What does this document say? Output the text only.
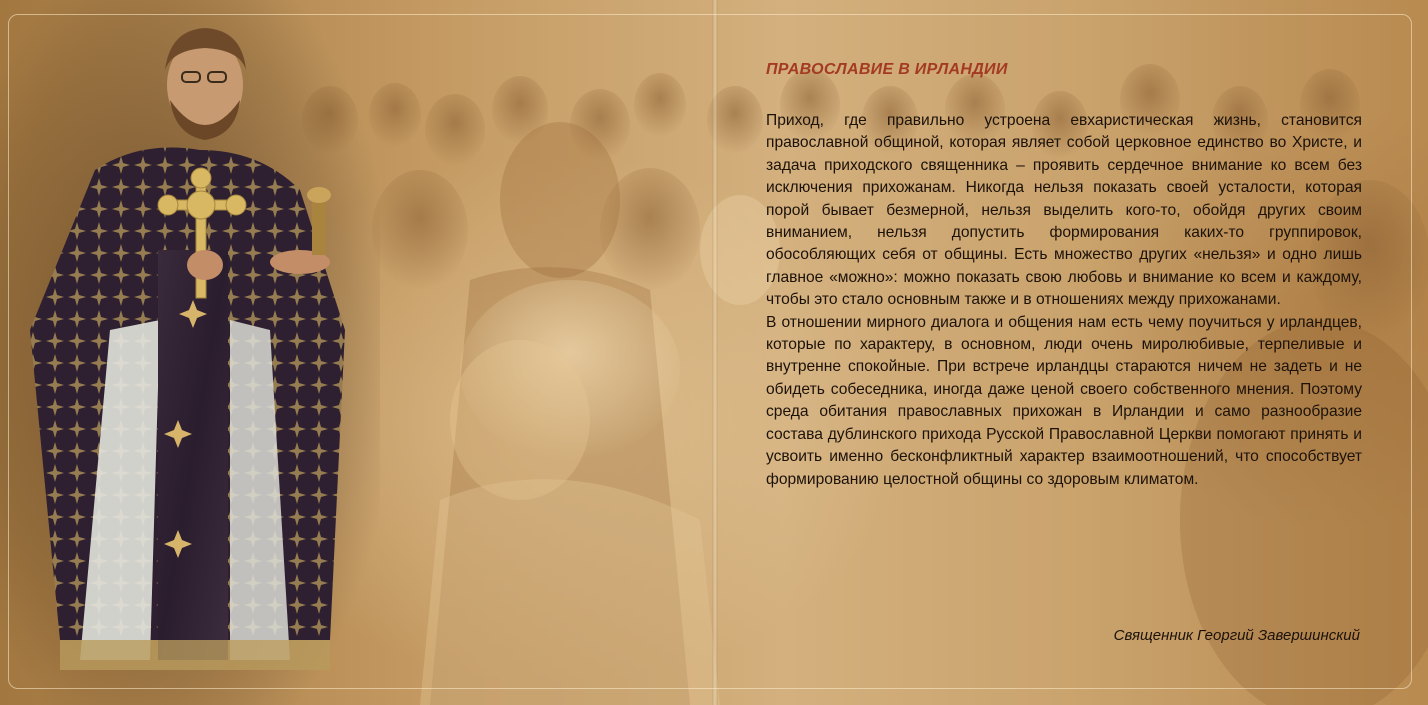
ПРАВОСЛАВИЕ В ИРЛАНДИИ

Приход, где правильно устроена евхаристическая жизнь, становится православной общиной, которая являет собой церковное единство во Христе, и задача приходского священника – проявить сердечное внимание ко всем без исключения прихожанам. Никогда нельзя показать своей усталости, которая порой бывает безмерной, нельзя выделить кого-то, обойдя других своим вниманием, нельзя допустить формирования каких-то группировок, обособляющих себя от общины. Есть множество других «нельзя» и одно лишь главное «можно»: можно показать свою любовь и внимание ко всем и каждому, чтобы это стало основным также и в отношениях между прихожанами.

В отношении мирного диалога и общения нам есть чему поучиться у ирландцев, которые по характеру, в основном, люди очень миролюбивые, терпеливые и внутренне спокойные. При встрече ирландцы стараются ничем не задеть и не обидеть собеседника, иногда даже ценой своего собственного мнения. Поэтому среда обитания православных прихожан в Ирландии и само разнообразие состава дублинского прихода Русской Православной Церкви помогают принять и усвоить именно бесконфликтный характер взаимоотношений, что способствует формированию целостной общины со здоровым климатом.

Священник Георгий Завершинский
